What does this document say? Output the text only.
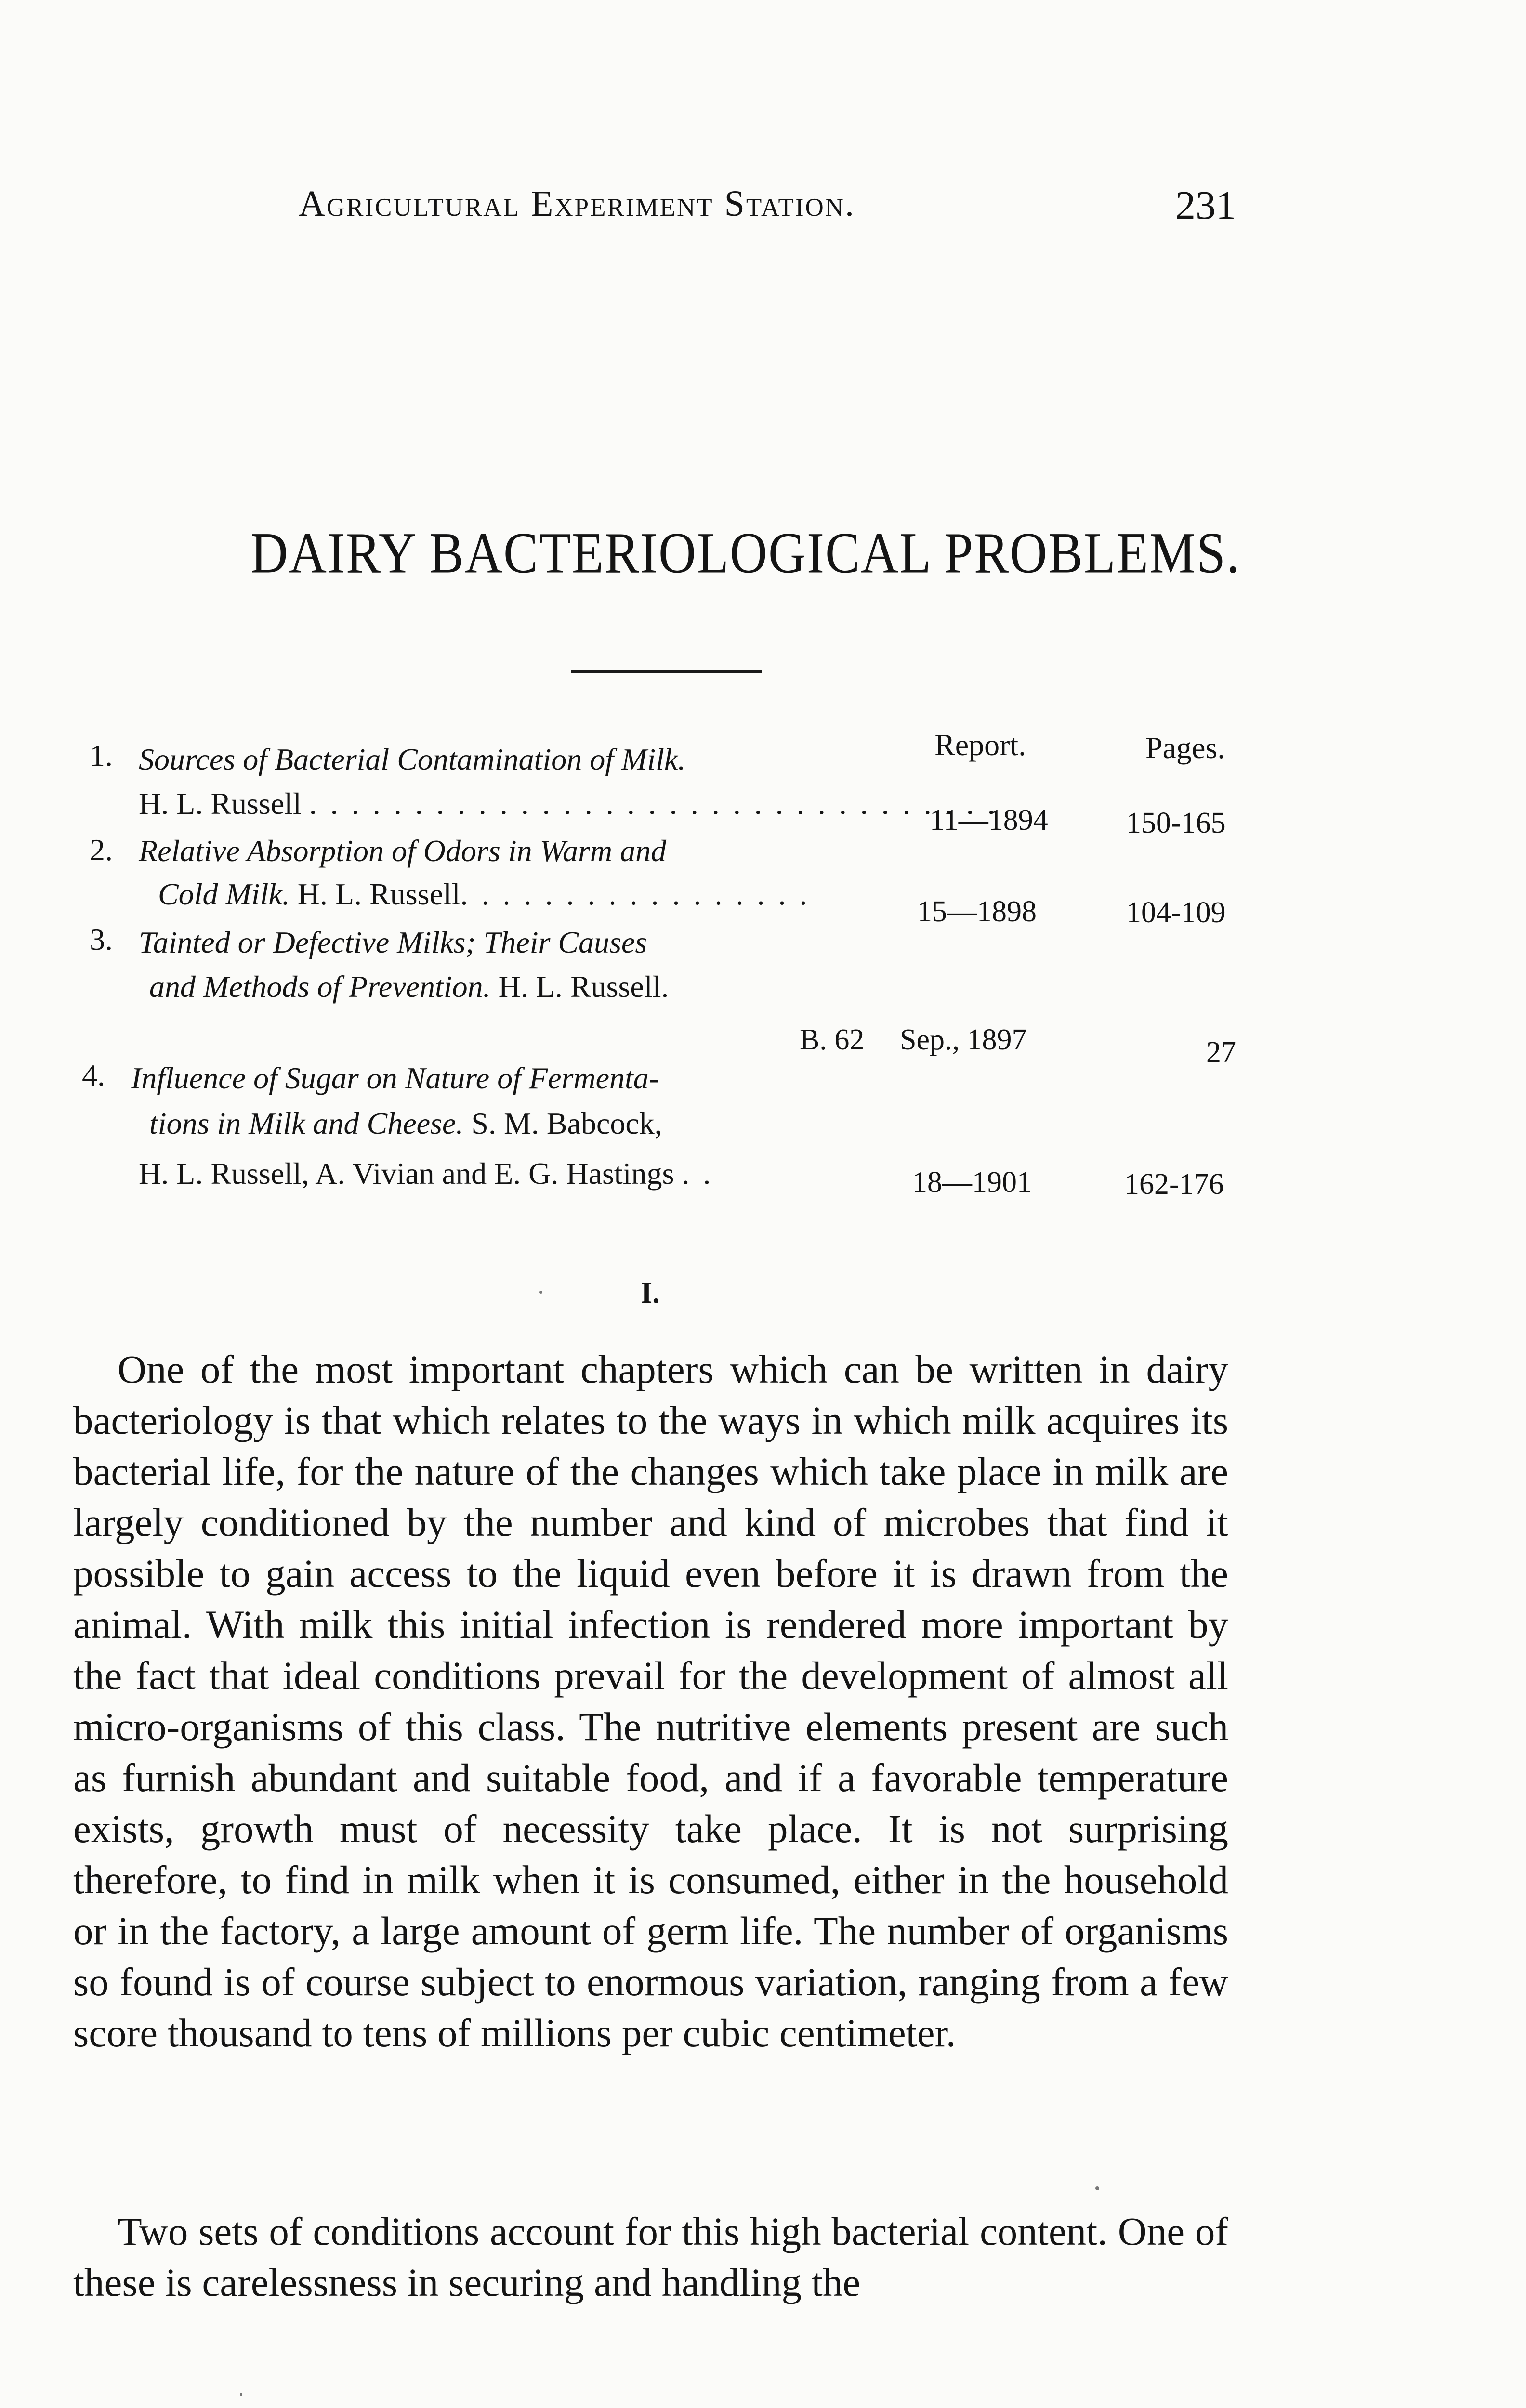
Agricultural Experiment Station.	231
DAIRY BACTERIOLOGICAL PROBLEMS.
Report.	Pages.
1. Sources of Bacterial Contamination of Milk.
H. L. Russell . . . . . . . . . . . . . . . . . . . . . . . . . . . . . . . . .
11—1894	150-165
2. Relative Absorption of Odors in Warm and
Cold Milk. H. L. Russell. . . . . . . . . . . . . . . . .
15—1898	104-109
3. Tainted or Defective Milks; Their Causes
and Methods of Prevention. H. L. Russell.
B. 62 Sep., 1897	27
4. Influence of Sugar on Nature of Fermenta-
tions in Milk and Cheese. S. M. Babcock,
H. L. Russell, A. Vivian and E. G. Hastings . .	18—1901	162-176
I.

One of the most important chapters which can be written in dairy bacteriology is that which relates to the ways in which milk acquires its bacterial life, for the nature of the changes which take place in milk are largely conditioned by the number and kind of microbes that find it possible to gain access to the liquid even before it is drawn from the animal. With milk this initial infection is rendered more important by the fact that ideal conditions prevail for the development of almost all micro-organisms of this class. The nutritive elements present are such as furnish abundant and suitable food, and if a favorable temperature exists, growth must of necessity take place. It is not surprising therefore, to find in milk when it is consumed, either in the household or in the factory, a large amount of germ life. The number of organisms so found is of course subject to enormous variation, ranging from a few score thousand to tens of millions per cubic centimeter.

Two sets of conditions account for this high bacterial content. One of these is carelessness in securing and handling the
